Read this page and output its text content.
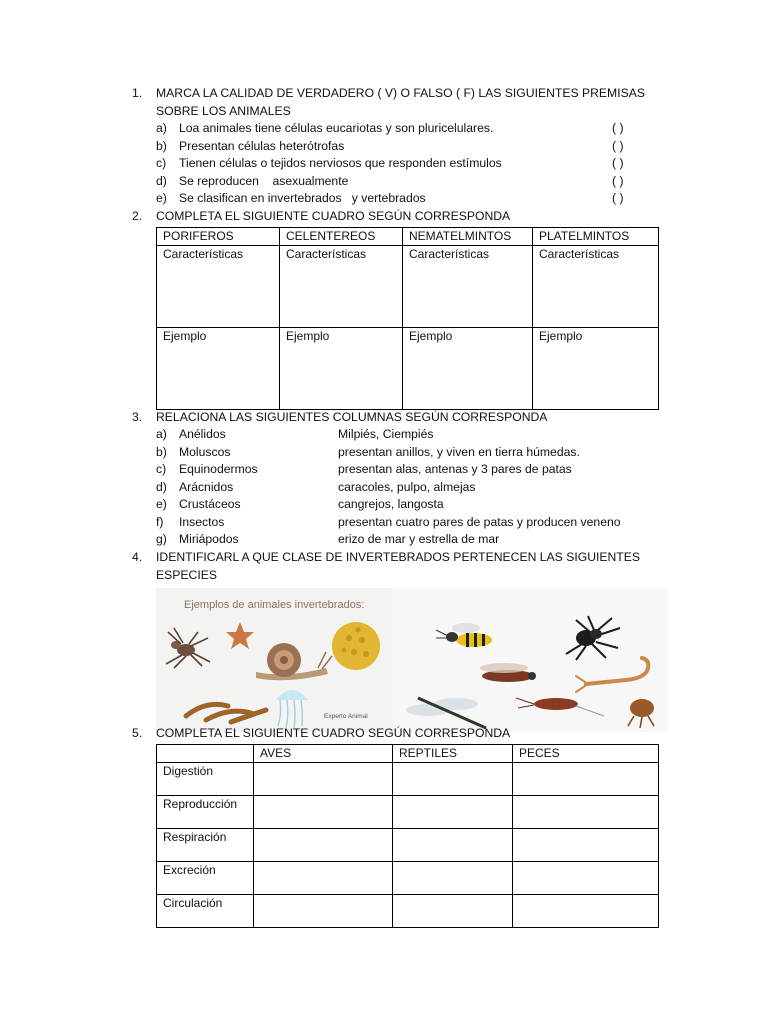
1.	MARCA LA CALIDAD DE VERDADERO ( V) O FALSO ( F) LAS SIGUIENTES PREMISAS
SOBRE LOS ANIMALES
a) Loa animales tiene células eucariotas y son pluricelulares.	( )
b) Presentan células heterótrofas	( )
c)	Tienen células o tejidos nerviosos que responden estímulos	( )
d) Se reproducen    asexualmente	( )
e) Se clasifican en invertebrados   y vertebrados	( )
2.	COMPLETA EL SIGUIENTE CUADRO SEGÚN CORRESPONDA
PORIFEROS	CELENTEREOS	NEMATELMINTOS	PLATELMINTOS
Características	Características	Características	Características
Ejemplo	Ejemplo	Ejemplo	Ejemplo
3.	RELACIONA LAS SIGUIENTES COLUMNAS SEGÚN CORRESPONDA
a) Anélidos	Milpiés, Ciempiés
b) Moluscos	presentan anillos, y viven en tierra húmedas.
c)	Equinodermos	presentan alas, antenas y 3 pares de patas
d) Arácnidos	caracoles, pulpo, almejas
e) Crustáceos	cangrejos, langosta
f)	Insectos	presentan cuatro pares de patas y producen veneno
g) Miriápodos	erizo de mar y estrella de mar
4.	IDENTIFICARL A QUE CLASE DE INVERTEBRADOS PERTENECEN LAS SIGUIENTES
ESPECIES
Ejemplos de animales invertebrados:
Experto Animal
5.	COMPLETA EL SIGUIENTE CUADRO SEGÚN CORRESPONDA
	AVES	REPTILES	PECES
Digestión			
Reproducción			
Respiración			
Excreción			
Circulación			
